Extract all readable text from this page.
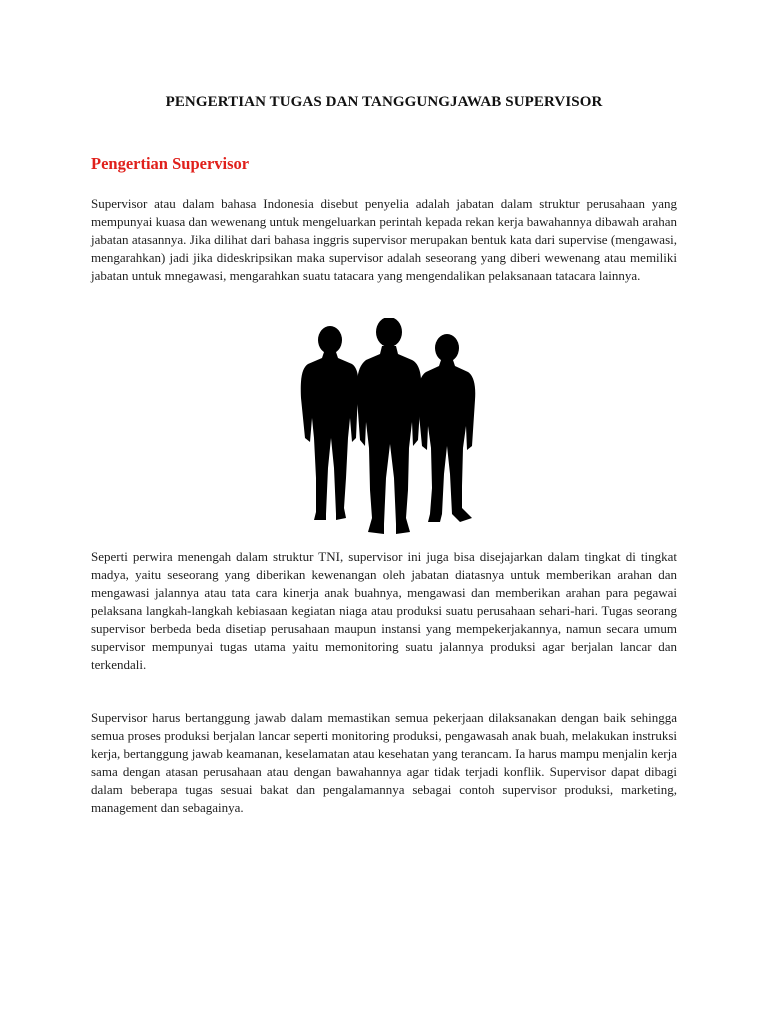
PENGERTIAN TUGAS DAN TANGGUNGJAWAB SUPERVISOR
Pengertian Supervisor

Supervisor atau dalam bahasa Indonesia disebut penyelia adalah jabatan dalam struktur perusahaan yang mempunyai kuasa dan wewenang untuk mengeluarkan perintah kepada rekan kerja bawahannya dibawah arahan jabatan atasannya. Jika dilihat dari bahasa inggris supervisor merupakan bentuk kata dari supervise (mengawasi, mengarahkan) jadi jika dideskripsikan maka supervisor adalah seseorang yang diberi wewenang atau memiliki jabatan untuk mnegawasi, mengarahkan suatu tatacara yang mengendalikan pelaksanaan tatacara lainnya.

Seperti perwira menengah dalam struktur TNI, supervisor ini juga bisa disejajarkan dalam tingkat di tingkat madya, yaitu seseorang yang diberikan kewenangan oleh jabatan diatasnya untuk memberikan arahan dan mengawasi jalannya atau tata cara kinerja anak buahnya, mengawasi dan memberikan arahan para pegawai pelaksana langkah-langkah kebiasaan kegiatan niaga atau produksi suatu perusahaan sehari-hari. Tugas seorang supervisor berbeda beda disetiap perusahaan maupun instansi yang mempekerjakannya, namun secara umum supervisor mempunyai tugas utama yaitu memonitoring suatu jalannya produksi agar berjalan lancar dan terkendali.

Supervisor harus bertanggung jawab dalam memastikan semua pekerjaan dilaksanakan dengan baik sehingga semua proses produksi berjalan lancar seperti monitoring produksi, pengawasah anak buah, melakukan instruksi kerja, bertanggung jawab keamanan, keselamatan atau kesehatan yang terancam. Ia harus mampu menjalin kerja sama dengan atasan perusahaan atau dengan bawahannya agar tidak terjadi konflik. Supervisor dapat dibagi dalam beberapa tugas sesuai bakat dan pengalamannya sebagai contoh supervisor produksi, marketing, management dan sebagainya.
